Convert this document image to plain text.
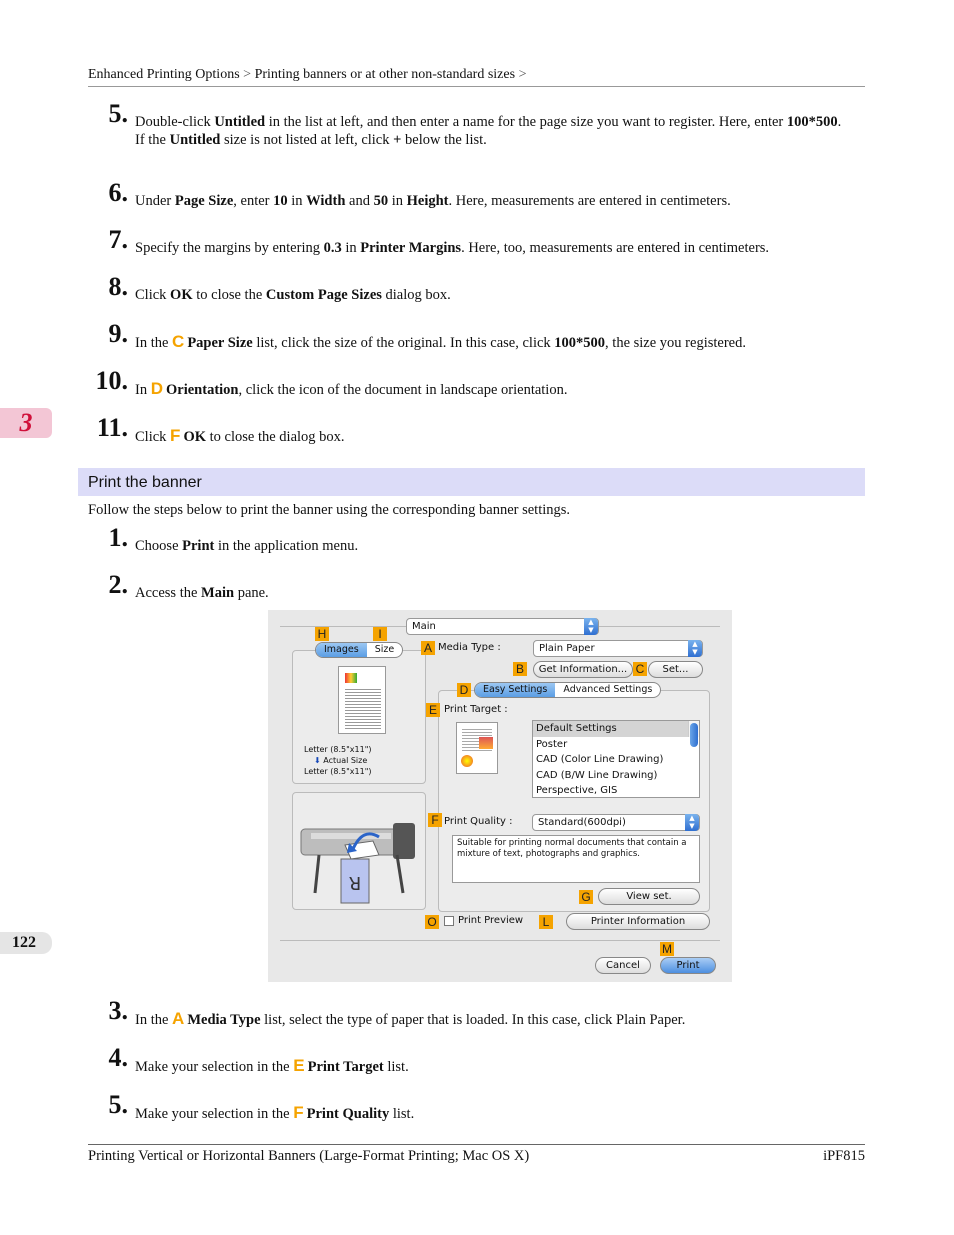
Enhanced Printing Options > Printing banners or at other non-standard sizes >
3
122
5. Double-click Untitled in the list at left, and then enter a name for the page size you want to register. Here, enter 100*500.
If the Untitled size is not listed at left, click + below the list.
6. Under Page Size, enter 10 in Width and 50 in Height. Here, measurements are entered in centimeters.
7. Specify the margins by entering 0.3 in Printer Margins. Here, too, measurements are entered in centimeters.
8. Click OK to close the Custom Page Sizes dialog box.
9. In the C Paper Size list, click the size of the original. In this case, click 100*500, the size you registered.
10. In D Orientation, click the icon of the document in landscape orientation.
11. Click F OK to close the dialog box.
Print the banner
Follow the steps below to print the banner using the corresponding banner settings.
1. Choose Print in the application menu.
2. Access the Main pane.
Main	▲
▼
H	I
Images	Size
Letter (8.5"x11")
⬇ Actual Size
Letter (8.5"x11")
R
A Media Type :	Plain Paper	▲
▼
B	Get Information... C	Set...
D	Easy Settings	Advanced Settings
E Print Target :
Default Settings
Poster
CAD (Color Line Drawing)
CAD (B/W Line Drawing)
Perspective, GIS
F Print Quality :	Standard(600dpi)	▲
▼
Suitable for printing normal documents that contain a mixture of text, photographs and graphics.
G	View set.
O Print Preview	L	Printer Information
M
Cancel	Print
3. In the A Media Type list, select the type of paper that is loaded. In this case, click Plain Paper.
4. Make your selection in the E Print Target list.
5. Make your selection in the F Print Quality list.
Printing Vertical or Horizontal Banners (Large-Format Printing; Mac OS X)	iPF815
